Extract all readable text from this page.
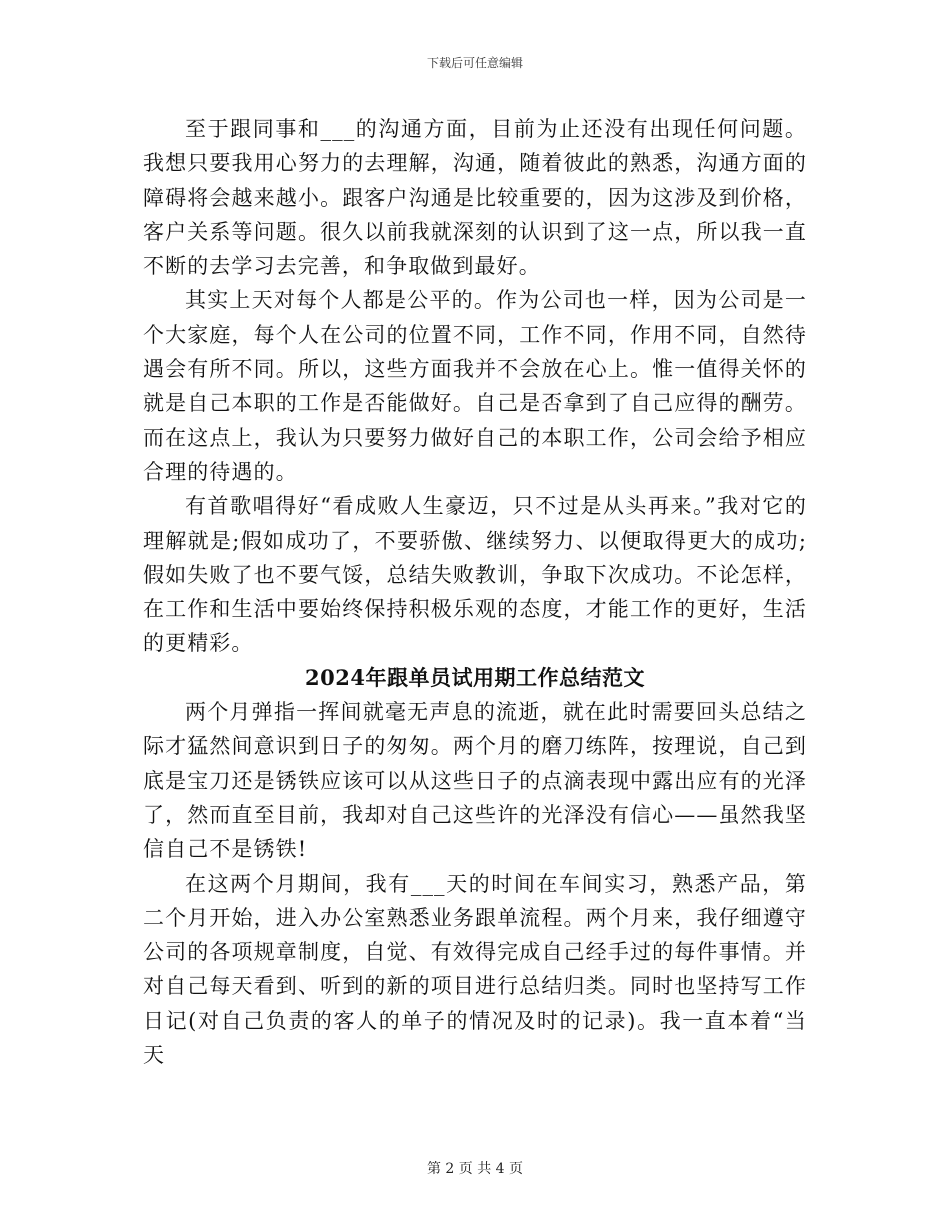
下载后可任意编辑

至于跟同事和___的沟通方面，目前为止还没有出现任何问题。我想只要我用心努力的去理解，沟通，随着彼此的熟悉，沟通方面的障碍将会越来越小。跟客户沟通是比较重要的，因为这涉及到价格，客户关系等问题。很久以前我就深刻的认识到了这一点，所以我一直不断的去学习去完善，和争取做到最好。

其实上天对每个人都是公平的。作为公司也一样，因为公司是一个大家庭，每个人在公司的位置不同，工作不同，作用不同，自然待遇会有所不同。所以，这些方面我并不会放在心上。惟一值得关怀的就是自己本职的工作是否能做好。自己是否拿到了自己应得的酬劳。而在这点上，我认为只要努力做好自己的本职工作，公司会给予相应合理的待遇的。

有首歌唱得好“看成败人生豪迈，只不过是从头再来。”我对它的理解就是;假如成功了，不要骄傲、继续努力、以便取得更大的成功;假如失败了也不要气馁，总结失败教训，争取下次成功。不论怎样，在工作和生活中要始终保持积极乐观的态度，才能工作的更好，生活的更精彩。

2024年跟单员试用期工作总结范文

两个月弹指一挥间就毫无声息的流逝，就在此时需要回头总结之际才猛然间意识到日子的匆匆。两个月的磨刀练阵，按理说，自己到底是宝刀还是锈铁应该可以从这些日子的点滴表现中露出应有的光泽了，然而直至目前，我却对自己这些许的光泽没有信心——虽然我坚信自己不是锈铁!

在这两个月期间，我有___天的时间在车间实习，熟悉产品，第二个月开始，进入办公室熟悉业务跟单流程。两个月来，我仔细遵守公司的各项规章制度，自觉、有效得完成自己经手过的每件事情。并对自己每天看到、听到的新的项目进行总结归类。同时也坚持写工作日记(对自己负责的客人的单子的情况及时的记录)。我一直本着“当天

第 2 页 共 4 页
